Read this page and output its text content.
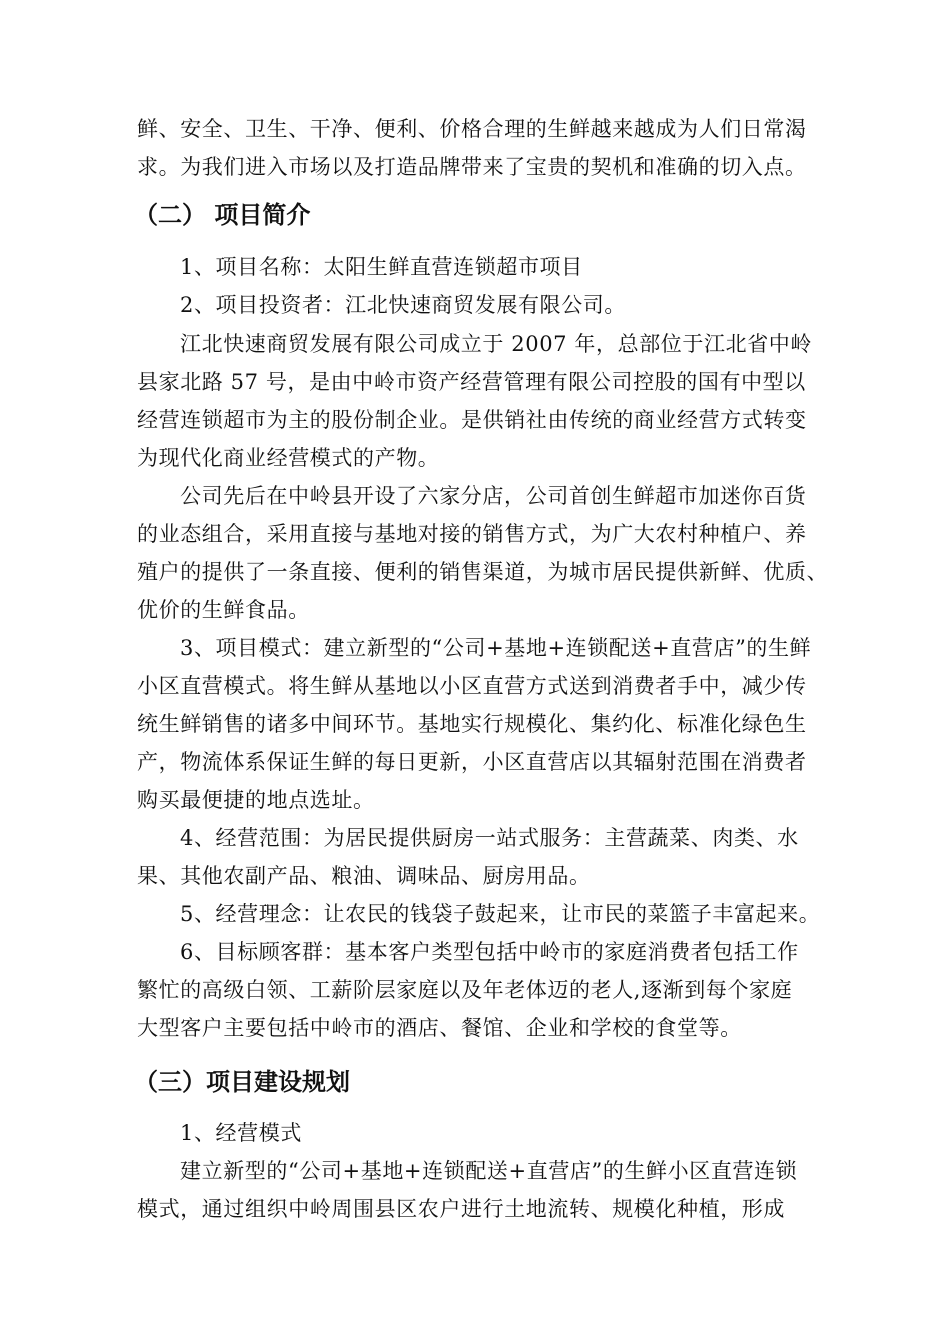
鲜、安全、卫生、干净、便利、价格合理的生鲜越来越成为人们日常渴
求。为我们进入市场以及打造品牌带来了宝贵的契机和准确的切入点。
（二） 项目简介
1、项目名称：太阳生鲜直营连锁超市项目
2、项目投资者：江北快速商贸发展有限公司。
江北快速商贸发展有限公司成立于 2007 年，总部位于江北省中岭
县家北路 57 号，是由中岭市资产经营管理有限公司控股的国有中型以
经营连锁超市为主的股份制企业。是供销社由传统的商业经营方式转变
为现代化商业经营模式的产物。
公司先后在中岭县开设了六家分店，公司首创生鲜超市加迷你百货
的业态组合，采用直接与基地对接的销售方式，为广大农村种植户、养
殖户的提供了一条直接、便利的销售渠道，为城市居民提供新鲜、优质、
优价的生鲜食品。
3、项目模式：建立新型的“公司+基地+连锁配送+直营店”的生鲜
小区直营模式。将生鲜从基地以小区直营方式送到消费者手中，减少传
统生鲜销售的诸多中间环节。基地实行规模化、集约化、标准化绿色生
产，物流体系保证生鲜的每日更新，小区直营店以其辐射范围在消费者
购买最便捷的地点选址。
4、经营范围：为居民提供厨房一站式服务：主营蔬菜、肉类、水
果、其他农副产品、粮油、调味品、厨房用品。
5、经营理念：让农民的钱袋子鼓起来，让市民的菜篮子丰富起来。
6、目标顾客群：基本客户类型包括中岭市的家庭消费者包括工作
繁忙的高级白领、工薪阶层家庭以及年老体迈的老人,逐渐到每个家庭
大型客户主要包括中岭市的酒店、餐馆、企业和学校的食堂等。
（三）项目建设规划
1、经营模式
建立新型的“公司+基地+连锁配送+直营店”的生鲜小区直营连锁
模式，通过组织中岭周围县区农户进行土地流转、规模化种植，形成
